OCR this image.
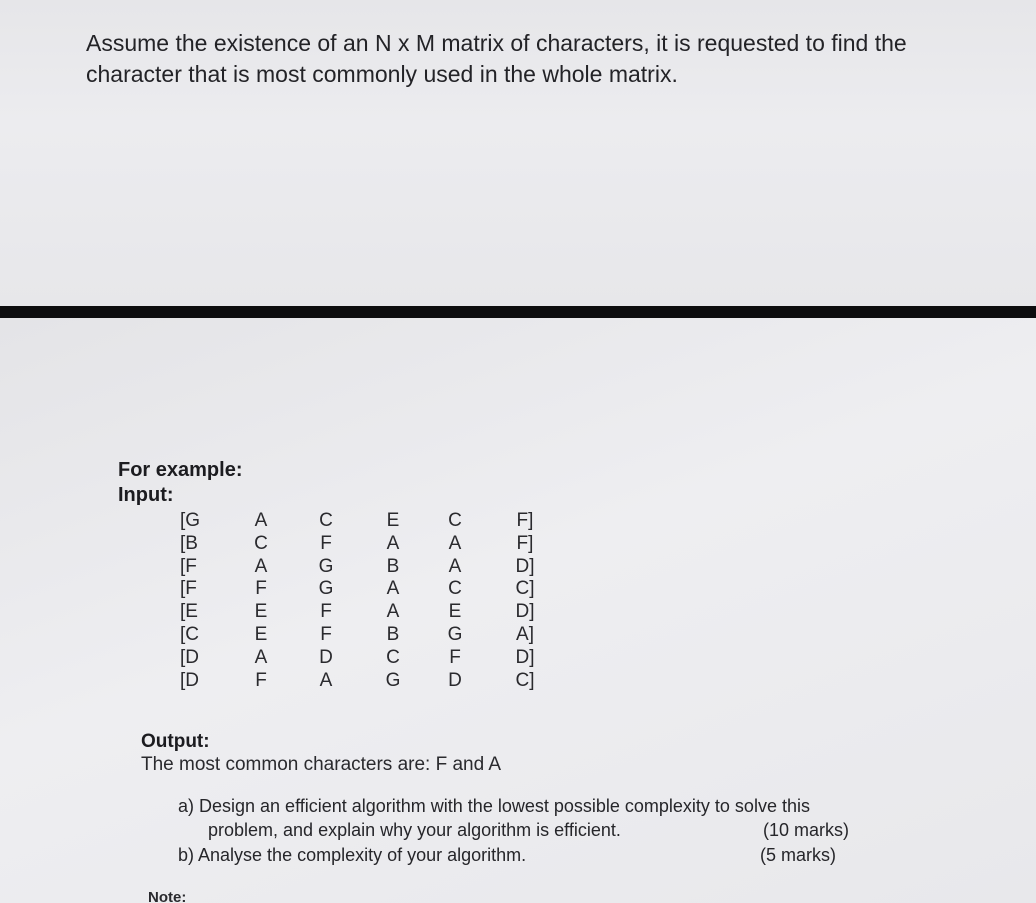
Assume the existence of an N x M matrix of characters, it is requested to find the
character that is most commonly used in the whole matrix.
For example:
Input:
[G	A	C	E	C	F]
[B	C	F	A	A	F]
[F	A	G	B	A	D]
[F	F	G	A	C	C]
[E	E	F	A	E	D]
[C	E	F	B	G	A]
[D	A	D	C	F	D]
[D	F	A	G	D	C]
Output:
The most common characters are: F and A
a) Design an efficient algorithm with the lowest possible complexity to solve this
problem, and explain why your algorithm is efficient.	(10 marks)
b) Analyse the complexity of your algorithm.	(5 marks)
Note:
